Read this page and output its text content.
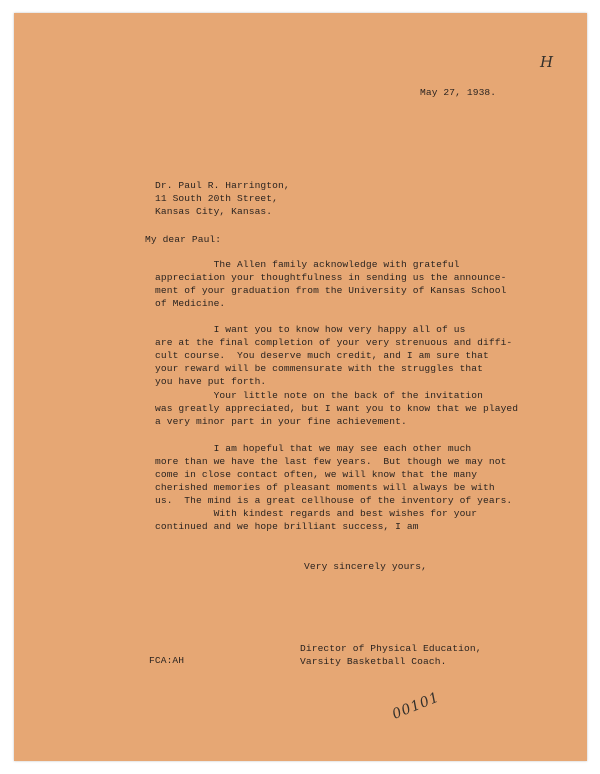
H
May 27, 1938.
Dr. Paul R. Harrington,
11 South 20th Street,
Kansas City, Kansas.
My dear Paul:
The Allen family acknowledge with grateful
appreciation your thoughtfulness in sending us the announce-
ment of your graduation from the University of Kansas School
of Medicine.
I want you to know how very happy all of us
are at the final completion of your very strenuous and diffi-
cult course.  You deserve much credit, and I am sure that
your reward will be commensurate with the struggles that
you have put forth.
Your little note on the back of the invitation
was greatly appreciated, but I want you to know that we played
a very minor part in your fine achievement.
I am hopeful that we may see each other much
more than we have the last few years.  But though we may not
come in close contact often, we will know that the many
cherished memories of pleasant moments will always be with
us.  The mind is a great cellhouse of the inventory of years.
With kindest regards and best wishes for your
continued and we hope brilliant success, I am
Very sincerely yours,
Director of Physical Education,
Varsity Basketball Coach.
FCA:AH
00101
